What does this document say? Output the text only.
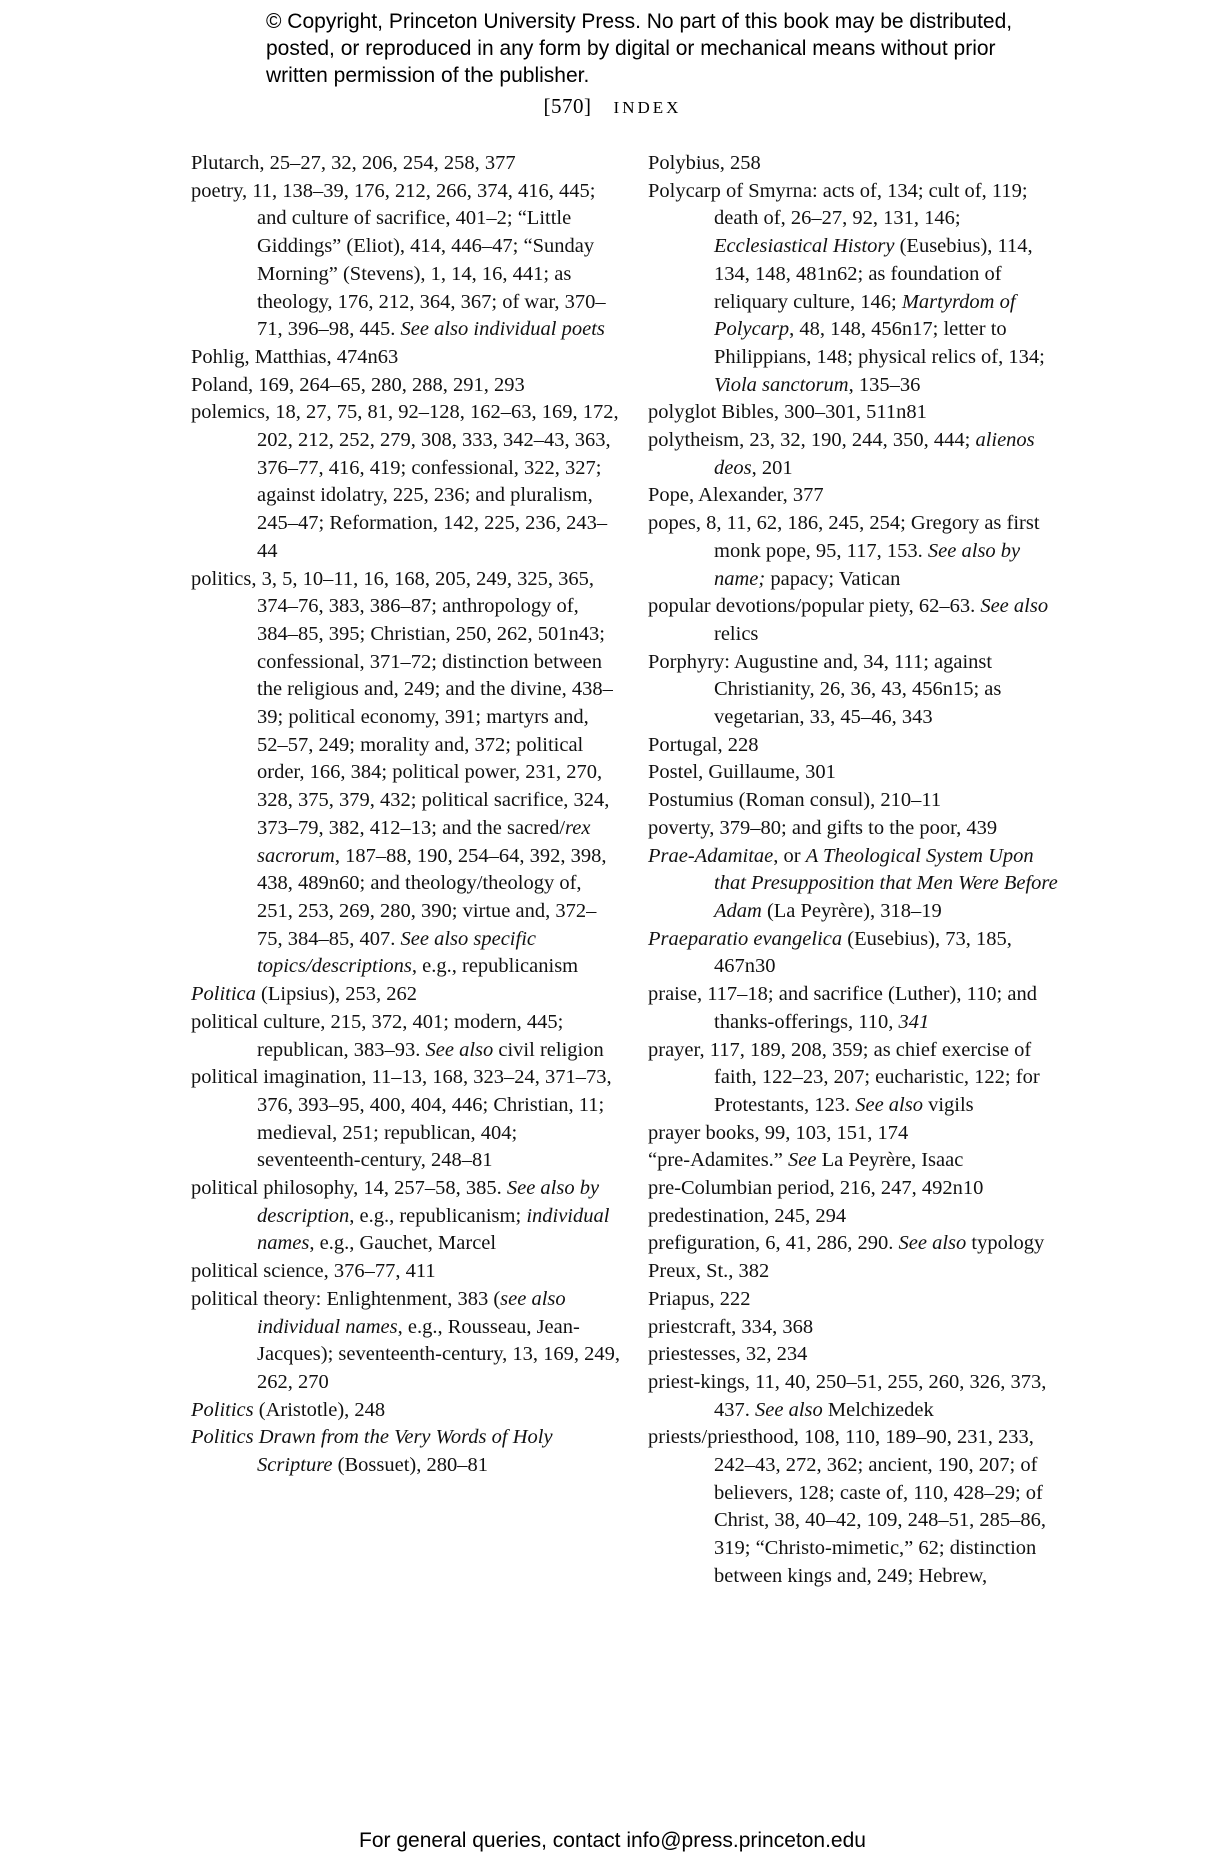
© Copyright, Princeton University Press. No part of this book may be distributed, posted, or reproduced in any form by digital or mechanical means without prior written permission of the publisher.
[570] INDEX

Plutarch, 25–27, 32, 206, 254, 258, 377

poetry, 11, 138–39, 176, 212, 266, 374, 416, 445; and culture of sacrifice, 401–2; “Little Giddings” (Eliot), 414, 446–47; “Sunday Morning” (Stevens), 1, 14, 16, 441; as theology, 176, 212, 364, 367; of war, 370–71, 396–98, 445. See also individual poets

Pohlig, Matthias, 474n63

Poland, 169, 264–65, 280, 288, 291, 293

polemics, 18, 27, 75, 81, 92–128, 162–63, 169, 172, 202, 212, 252, 279, 308, 333, 342–43, 363, 376–77, 416, 419; confessional, 322, 327; against idolatry, 225, 236; and pluralism, 245–47; Reformation, 142, 225, 236, 243–44

politics, 3, 5, 10–11, 16, 168, 205, 249, 325, 365, 374–76, 383, 386–87; anthropology of, 384–85, 395; Christian, 250, 262, 501n43; confessional, 371–72; distinction between the religious and, 249; and the divine, 438–39; political economy, 391; martyrs and, 52–57, 249; morality and, 372; political order, 166, 384; political power, 231, 270, 328, 375, 379, 432; political sacrifice, 324, 373–79, 382, 412–13; and the sacred/rex sacrorum, 187–88, 190, 254–64, 392, 398, 438, 489n60; and theology/theology of, 251, 253, 269, 280, 390; virtue and, 372–75, 384–85, 407. See also specific topics/descriptions, e.g., republicanism

Politica (Lipsius), 253, 262

political culture, 215, 372, 401; modern, 445; republican, 383–93. See also civil religion

political imagination, 11–13, 168, 323–24, 371–73, 376, 393–95, 400, 404, 446; Christian, 11; medieval, 251; republican, 404; seventeenth-century, 248–81

political philosophy, 14, 257–58, 385. See also by description, e.g., republicanism; individual names, e.g., Gauchet, Marcel

political science, 376–77, 411

political theory: Enlightenment, 383 (see also individual names, e.g., Rousseau, Jean-Jacques); seventeenth-century, 13, 169, 249, 262, 270

Politics (Aristotle), 248

Politics Drawn from the Very Words of Holy Scripture (Bossuet), 280–81

Polybius, 258

Polycarp of Smyrna: acts of, 134; cult of, 119; death of, 26–27, 92, 131, 146; Ecclesiastical History (Eusebius), 114, 134, 148, 481n62; as foundation of reliquary culture, 146; Martyrdom of Polycarp, 48, 148, 456n17; letter to Philippians, 148; physical relics of, 134; Viola sanctorum, 135–36

polyglot Bibles, 300–301, 511n81

polytheism, 23, 32, 190, 244, 350, 444; alienos deos, 201

Pope, Alexander, 377

popes, 8, 11, 62, 186, 245, 254; Gregory as first monk pope, 95, 117, 153. See also by name; papacy; Vatican

popular devotions/popular piety, 62–63. See also relics

Porphyry: Augustine and, 34, 111; against Christianity, 26, 36, 43, 456n15; as vegetarian, 33, 45–46, 343

Portugal, 228

Postel, Guillaume, 301

Postumius (Roman consul), 210–11

poverty, 379–80; and gifts to the poor, 439

Prae-Adamitae, or A Theological System Upon that Presupposition that Men Were Before Adam (La Peyrère), 318–19

Praeparatio evangelica (Eusebius), 73, 185, 467n30

praise, 117–18; and sacrifice (Luther), 110; and thanks-offerings, 110, 341

prayer, 117, 189, 208, 359; as chief exercise of faith, 122–23, 207; eucharistic, 122; for Protestants, 123. See also vigils

prayer books, 99, 103, 151, 174

“pre-Adamites.” See La Peyrère, Isaac

pre-Columbian period, 216, 247, 492n10

predestination, 245, 294

prefiguration, 6, 41, 286, 290. See also typology

Preux, St., 382

Priapus, 222

priestcraft, 334, 368

priestesses, 32, 234

priest-kings, 11, 40, 250–51, 255, 260, 326, 373, 437. See also Melchizedek

priests/priesthood, 108, 110, 189–90, 231, 233, 242–43, 272, 362; ancient, 190, 207; of believers, 128; caste of, 110, 428–29; of Christ, 38, 40–42, 109, 248–51, 285–86, 319; “Christo-mimetic,” 62; distinction between kings and, 249; Hebrew,

For general queries, contact info@press.princeton.edu
